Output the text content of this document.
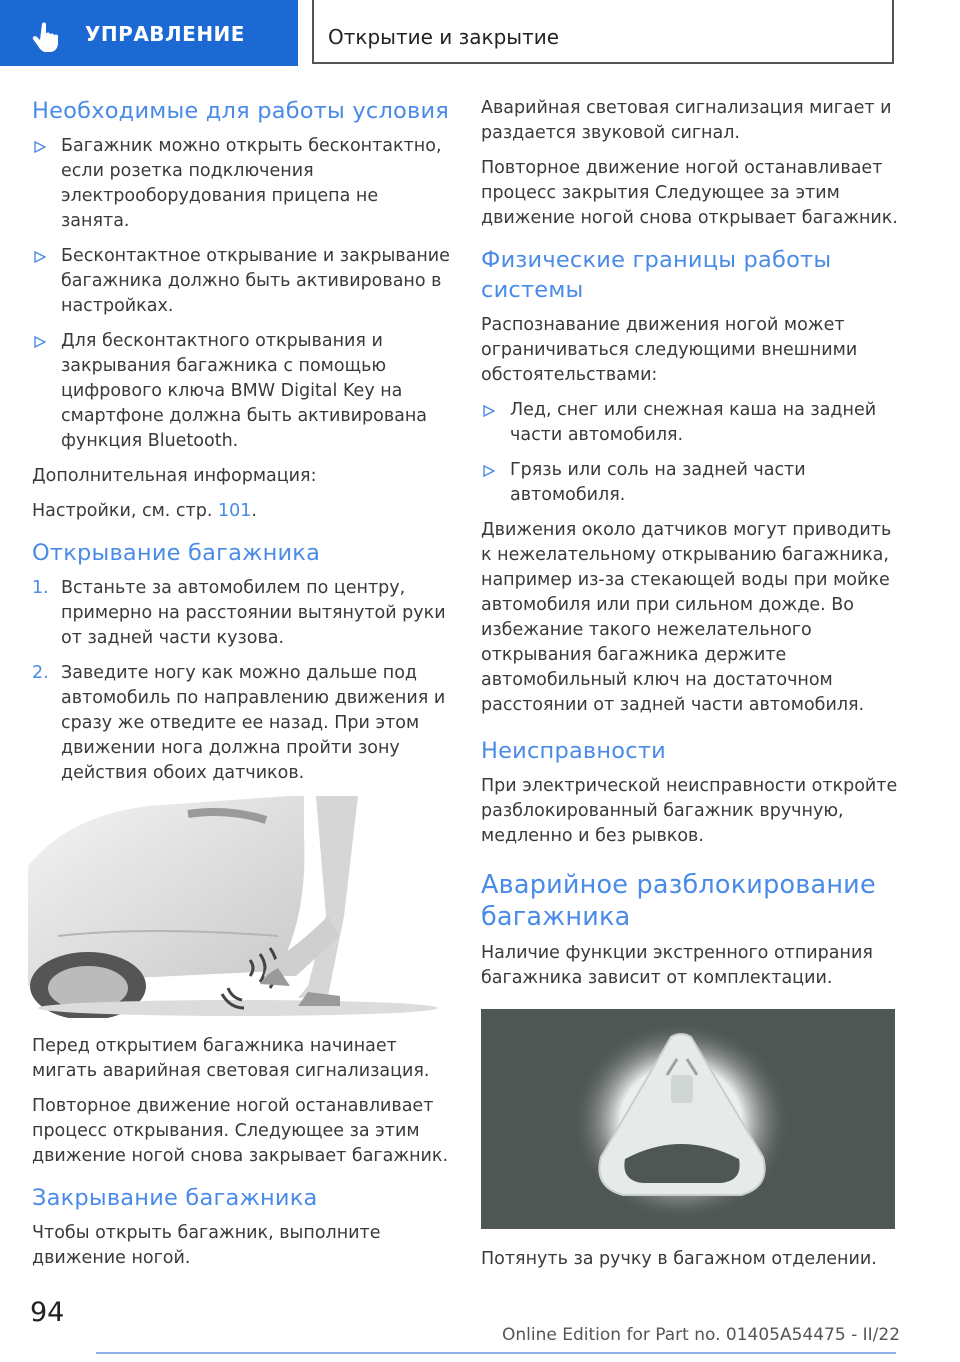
УПРАВЛЕНИЕ	Открытие и закрытие
Необходимые для работы условия
Багажник можно открыть бесконтактно, если розетка подключения электрооборудования прицепа не занята.
Бесконтактное открывание и закрывание багажника должно быть активировано в настройках.
Для бесконтактного открывания и закрывания багажника с помощью цифрового ключа BMW Digital Key на смартфоне должна быть активирована функция Bluetooth.

Дополнительная информация:

Настройки, см. стр. 101.

Открывание багажника
1. Встаньте за автомобилем по центру, примерно на расстоянии вытянутой руки от задней части кузова.
2. Заведите ногу как можно дальше под автомобиль по направлению движения и сразу же отведите ее назад. При этом движении нога должна пройти зону действия обоих датчиков.

Перед открытием багажника начинает мигать аварийная световая сигнализация.

Повторное движение ногой останавливает процесс открывания. Следующее за этим движение ногой снова закрывает багажник.

Закрывание багажника

Чтобы открыть багажник, выполните движение ногой.

Аварийная световая сигнализация мигает и раздается звуковой сигнал.

Повторное движение ногой останавливает процесс закрытия Следующее за этим движение ногой снова открывает багажник.

Физические границы работы системы

Распознавание движения ногой может ограничиваться следующими внешними обстоятельствами:

Лед, снег или снежная каша на задней части автомобиля.
Грязь или соль на задней части автомобиля.

Движения около датчиков могут приводить к нежелательному открыванию багажника, например из-за стекающей воды при мойке автомобиля или при сильном дожде. Во избежание такого нежелательного открывания багажника держите автомобильный ключ на достаточном расстоянии от задней части автомобиля.

Неисправности

При электрической неисправности откройте разблокированный багажник вручную, медленно и без рывков.

Аварийное разблокирование багажника

Наличие функции экстренного отпирания багажника зависит от комплектации.

Потянуть за ручку в багажном отделении.

94
Online Edition for Part no. 01405A54475 - II/22
